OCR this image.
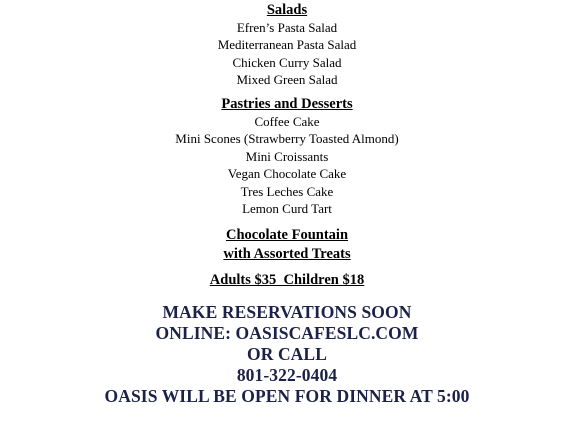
Salads
Efren’s Pasta Salad
Mediterranean Pasta Salad
Chicken Curry Salad
Mixed Green Salad
Pastries and Desserts
Coffee Cake
Mini Scones (Strawberry Toasted Almond)
Mini Croissants
Vegan Chocolate Cake
Tres Leches Cake
Lemon Curd Tart
Chocolate Fountain
with Assorted Treats
Adults $35  Children $18
MAKE RESERVATIONS SOON
ONLINE: OASISCAFESLC.COM
OR CALL
801-322-0404
OASIS WILL BE OPEN FOR DINNER AT 5:00
